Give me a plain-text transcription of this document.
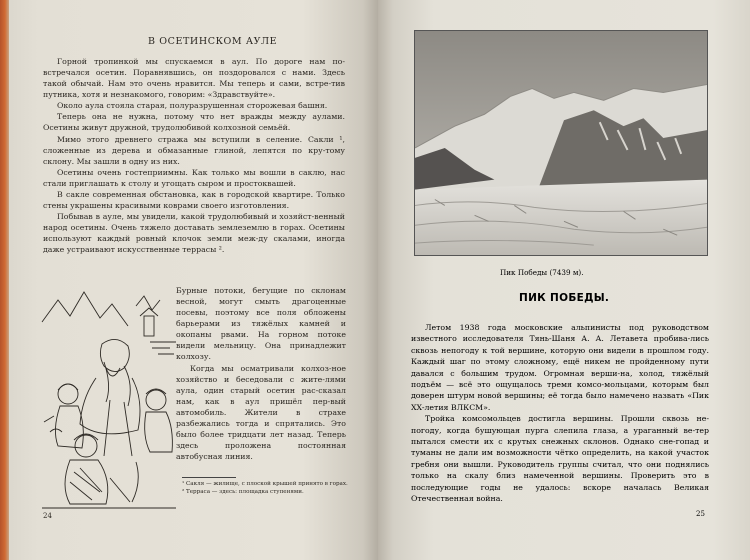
В ОСЕТИНСКОМ АУЛЕ

Горной тропинкой мы спускаемся в аул. По дороге нам по-встречался осетин. Поравнявшись, он поздоровался с нами. Здесь такой обычай. Нам это очень нравится. Мы теперь и сами, встре-тив путника, хотя и незнакомого, говорим: «Здравствуйте».

Около аула стояла старая, полуразрушенная сторожевая башня.

Теперь она не нужна, потому что нет вражды между аулами. Осетины живут дружной, трудолюбивой колхозной семьёй.

Мимо этого древнего стража мы вступили в селение. Сакли ¹, сложенные из дерева и обмазанные глиной, лепятся по кру-тому склону. Мы зашли в одну из них.

Осетины очень гостеприимны. Как только мы вошли в саклю, нас стали приглашать к столу и угощать сыром и простоквашей.

В сакле современная обстановка, как в городской квартире. Только стены украшены красивыми коврами своего изготовления.

Побывав в ауле, мы увидели, какой трудолюбивый и хозяйст-венный народ осетины. Очень тяжело доставать землеземлю в горах. Осетины используют каждый ровный клочок земли меж-ду скалами, иногда даже устраивают искусственные террасы ².

Бурные потоки, бегущие по склонам весной, могут смыть драгоценные посевы, поэтому все поля обложены барьерами из тяжёлых камней и окопаны рвами. На горном потоке видели мельницу. Она принадлежит колхозу.

Когда мы осматривали колхоз-ное хозяйство и беседовали с жите-лями аула, один старый осетин рас-сказал нам, как в аул пришёл пер-вый автомобиль. Жители в страхе разбежались тогда и спрятались. Это было более тридцати лет назад. Теперь здесь проложена постоянная автобусная линия.

¹ Сакля — жилище, с плоской крышей принято в горах.
² Терраса — здесь: площадка ступенями.
24
Пик Победы (7439 м).
ПИК ПОБЕДЫ.

Летом 1938 года московские альпинисты под руководством известного исследователя Тянь-Шаня А. А. Летавета пробива-лись сквозь непогоду к той вершине, которую они видели в прошлом году. Каждый шаг по этому сложному, ещё никем не пройденному пути давался с большим трудом. Огромная верши-на, холод, тяжёлый подъём — всё это ощущалось тремя комсо-мольцами, которым был доверен штурм новой вершины; её тогда было намечено назвать «Пик XX-летия ВЛКСМ».

Тройка комсомольцев достигла вершины. Прошли сквозь не-погоду, когда бушующая пурга слепила глаза, а ураганный ве-тер пытался смести их с крутых снежных склонов. Однако сне-гопад и туманы не дали им возможности чётко определить, на какой участок гребня они вышли. Руководитель группы считал, что они поднялись только на скалу близ намеченной вершины. Проверить это в последующие годы не удалось: вскоре началась Великая Отечественная война.

25
